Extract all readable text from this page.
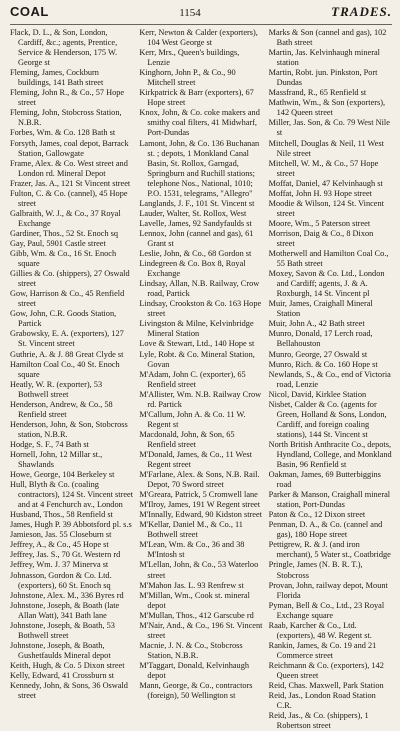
COAL	1154	TRADES.

Flack, D. L., & Son, London, Cardiff, &c.; agents, Prentice, Service & Henderson, 175 W. George st

Fleming, James, Cockburn buildings, 141 Bath street

Fleming, John R., & Co., 57 Hope street

Fleming, John, Stobcross Station, N.B.R.

Forbes, Wm. & Co. 128 Bath st

Forsyth, James, coal depot, Barrack Station, Gallowgate

Frame, Alex. & Co. West street and London rd. Mineral Depot

Frazer, Jas. A., 121 St Vincent street

Fulton, C. & Co. (cannel), 45 Hope street

Galbraith, W. J., & Co., 37 Royal Exchange

Gardiner, Thos., 52 St. Enoch sq

Gay, Paul, 5901 Castle street

Gibb, Wm. & Co., 16 St. Enoch square

Gillies & Co. (shippers), 27 Oswald street

Gow, Harrison & Co., 45 Renfield street

Gow, John, C.R. Goods Station, Partick

Grabowsky, E. A. (exporters), 127 St. Vincent street

Guthrie, A. & J. 88 Great Clyde st

Hamilton Coal Co., 40 St. Enoch square

Heatly, W. R. (exporter), 53 Bothwell street

Henderson, Andrew, & Co., 58 Renfield street

Henderson, John, & Son, Stobcross station, N.B.R.

Hodge, S. F., 74 Bath st

Hornell, John, 12 Millar st., Shawlands

Howe, George, 104 Berkeley st

Hull, Blyth & Co. (coaling contractors), 124 St. Vincent street and at 4 Fenchurch av., London

Husband, Thos., 58 Renfield st

James, Hugh P. 39 Abbotsford pl. s.s

Jamieson, Jas. 55 Closeburn st

Jeffrey, A., & Co., 45 Hope st

Jeffrey, Jas. S., 70 Gt. Western rd

Jeffrey, Wm. J. 37 Minerva st

Johnasson, Gordon & Co. Ltd. (exporters), 60 St. Enoch sq

Johnstone, Alex. M., 336 Byres rd

Johnstone, Joseph, & Boath (late Allan Watt), 341 Bath lane

Johnstone, Joseph, & Boath, 53 Bothwell street

Johnstone, Joseph, & Boath, Gushetfaulds Mineral depot

Keith, Hugh, & Co. 5 Dixon street

Kelly, Edward, 41 Crossburn st

Kennedy, John, & Sons, 36 Oswald street

Kerr, Newton & Calder (exporters), 104 West George st

Kerr, Mrs., Queen's buildings, Lenzie

Kinghorn, John P., & Co., 90 Mitchell street

Kirkpatrick & Barr (exporters), 67 Hope street

Knox, John, & Co. coke makers and smithy coal filters, 41 Midwharf, Port-Dundas

Lamont, John, & Co. 136 Buchanan st. ; depots, 1 Monkland Canal Basin, St. Rollox, Garngad, Springburn and Ruchill stations; telephone Nos., National, 1010; P.O. 1531, telegrams, "Allegro"

Langlands, J. F., 101 St. Vincent st

Lauder, Walter, St. Rollox, West

Lavelle, James, 92 Sandyfaulds st

Lennox, John (cannel and gas), 61 Grant st

Leslie, John, & Co., 68 Gordon st

Lindegreen & Co. Box 8, Royal Exchange

Lindsay, Allan, N.B. Railway, Crow road, Partick

Lindsay, Crookston & Co. 163 Hope street

Livingston & Milne, Kelvinbridge Mineral Station

Love & Stewart, Ltd., 140 Hope st

Lyle, Robt. & Co. Mineral Station, Govan

M'Adam, John C. (exporter), 65 Renfield street

M'Allister, Wm. N.B. Railway Crow rd. Partick

M'Callum, John A. & Co. 11 W. Regent st

Macdonald, John, & Son, 65 Renfield street

M'Donald, James, & Co., 11 West Regent street

M'Farlane, Alex. & Sons, N.B. Rail. Depot, 70 Sword street

M'Greara, Patrick, 5 Cromwell lane

M'Ilroy, James, 191 W Regent street

M'Innally, Edward, 90 Kidston street

M'Kellar, Daniel M., & Co., 11 Bothwell street

M'Lean, Wm. & Co., 36 and 38 M'Intosh st

M'Lellan, John, & Co., 53 Waterloo street

M'Mahon Jas. L. 93 Renfrew st

M'Millan, Wm., Cook st. mineral depot

M'Mullan, Thos., 412 Garscube rd

M'Nair, And., & Co., 196 St. Vincent street

Macnie, J. N. & Co., Stobcross Station, N.B.R.

M'Taggart, Donald, Kelvinhaugh depot

Mann, George, & Co., contractors (foreign), 50 Wellington st

Marks & Son (cannel and gas), 102 Bath street

Martin, Jas. Kelvinhaugh mineral station

Martin, Robt. jun. Pinkston, Port Dundas

Massfrand, R., 65 Renfield st

Mathwin, Wm., & Son (exporters), 142 Queen street

Miller, Jas. Son, & Co. 79 West Nile st

Mitchell, Douglas & Neil, 11 West Nile street

Mitchell, W. M., & Co., 57 Hope street

Moffat, Daniel, 47 Kelvinhaugh st

Moffat, John H. 93 Hope street

Moodie & Wilson, 124 St. Vincent street

Moore, Wm., 5 Paterson street

Morrison, Daig & Co., 8 Dixon street

Motherwell and Hamilton Coal Co., 55 Bath street

Moxey, Savon & Co. Ltd., London and Cardiff; agents, J. & A. Roxburgh, 14 St. Vincent pl

Muir, James, Craighall Mineral Station

Muir, John A., 42 Bath street

Munro, Donald, 17 Lerch road, Bellahouston

Munro, George, 27 Oswald st

Munro, Rich. & Co. 160 Hope st

Newlands, S., & Co., end of Victoria road, Lenzie

Nicol, David, Kirklee Station

Nisbet, Calder & Co. (agents for Green, Holland & Sons, London, Cardiff, and foreign coaling stations), 144 St. Vincent st

North British Anthracite Co., depots, Hyndland, College, and Monkland Basin, 96 Renfield st

Oakman, James, 69 Butterbiggins road

Parker & Manson, Craighall mineral station, Port-Dundas

Paton & Co., 12 Dixon street

Penman, D. A., & Co. (cannel and gas), 180 Hope street

Pettigrew, R. & J. (and iron merchant), 5 Water st., Coatbridge

Pringle, James (N. B. R. T.), Stobcross

Provan, John, railway depot, Mount Florida

Pyman, Bell & Co., Ltd., 23 Royal Exchange square

Raab, Karcher & Co., Ltd. (exporters), 48 W. Regent st.

Rankin, James, & Co. 19 and 21 Commerce street

Reichmann & Co. (exporters), 142 Queen street

Reid, Chas. Maxwell, Park Station

Reid, Jas., London Road Station C.R.

Reid, Jas., & Co. (shippers), 1 Robertson street
